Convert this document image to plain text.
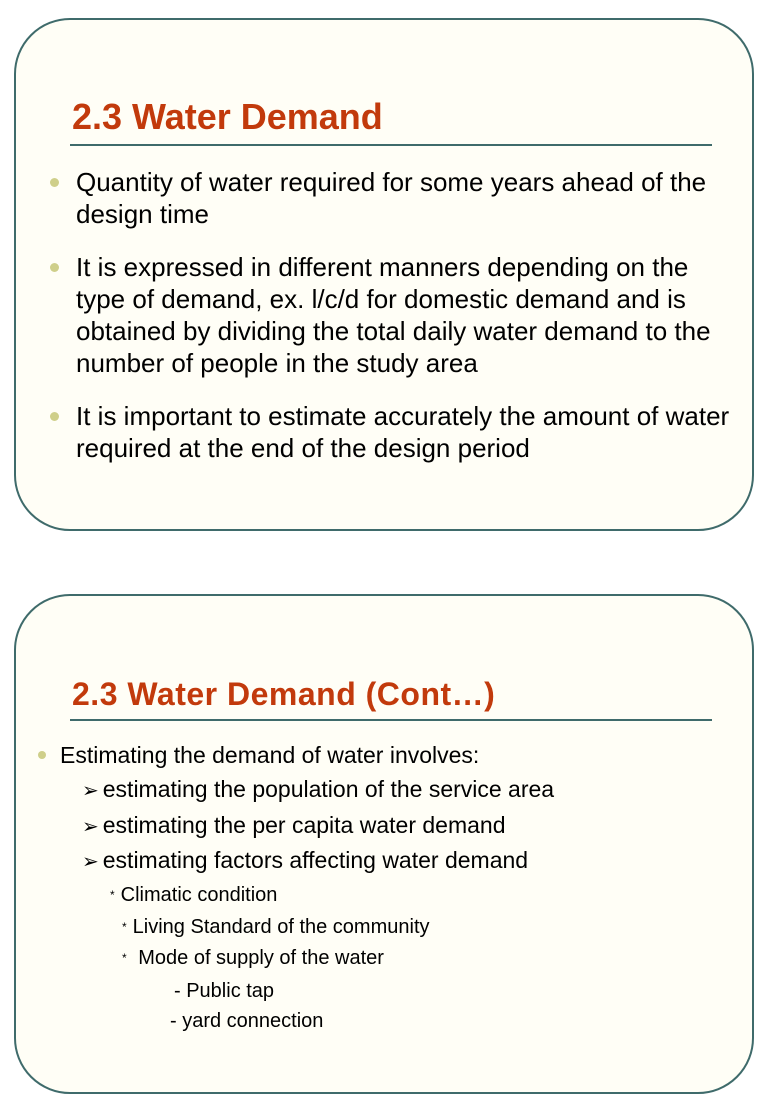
2.3 Water Demand
Quantity of water required for some years ahead of the design time
It is expressed in different manners depending on the type of demand, ex. l/c/d for domestic demand and is obtained by dividing the total daily water demand to the number of people in the study area
It is important to estimate accurately the amount of water required at the end of the design period
2.3 Water Demand (Cont…)
Estimating the demand of water involves:
➢ estimating the population of the service area
➢ estimating the per capita water demand
➢ estimating factors affecting water demand
* Climatic condition
* Living Standard of the community
* Mode of supply of the water
- Public tap
- yard connection
